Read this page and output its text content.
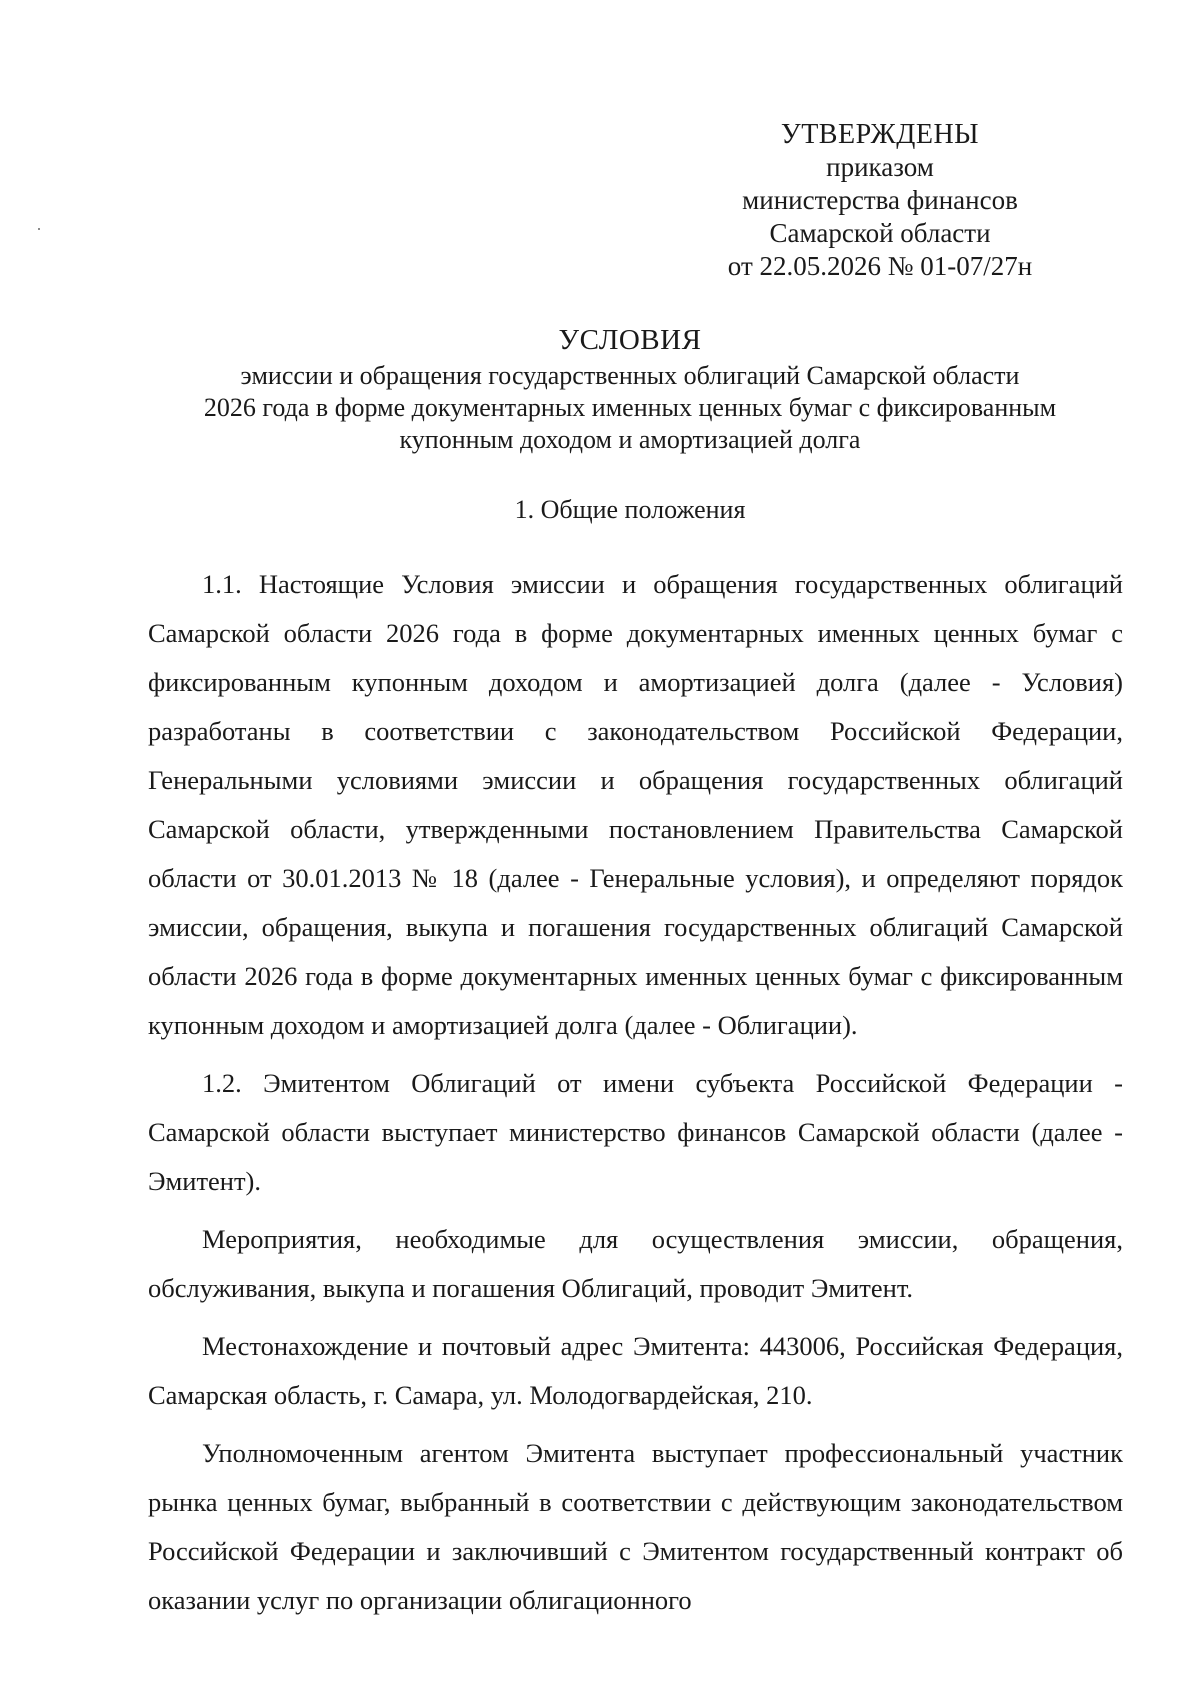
УТВЕРЖДЕНЫ
приказом
министерства финансов
Самарской области
от 22.05.2026 № 01-07/27н
УСЛОВИЯ
эмиссии и обращения государственных облигаций Самарской области
2026 года в форме документарных именных ценных бумаг с фиксированным
купонным доходом и амортизацией долга
1. Общие положения

1.1. Настоящие Условия эмиссии и обращения государственных облигаций Самарской области 2026 года в форме документарных именных ценных бумаг с фиксированным купонным доходом и амортизацией долга (далее - Условия) разработаны в соответствии с законодательством Российской Федерации, Генеральными условиями эмиссии и обращения государственных облигаций Самарской области, утвержденными постановлением Правительства Самарской области от 30.01.2013 № 18 (далее - Генеральные условия), и определяют порядок эмиссии, обращения, выкупа и погашения государственных облигаций Самарской области 2026 года в форме документарных именных ценных бумаг с фиксированным купонным доходом и амортизацией долга (далее - Облигации).

1.2. Эмитентом Облигаций от имени субъекта Российской Федерации - Самарской области выступает министерство финансов Самарской области (далее - Эмитент).

Мероприятия, необходимые для осуществления эмиссии, обращения, обслуживания, выкупа и погашения Облигаций, проводит Эмитент.

Местонахождение и почтовый адрес Эмитента: 443006, Российская Федерация, Самарская область, г. Самара, ул. Молодогвардейская, 210.

Уполномоченным агентом Эмитента выступает профессиональный участник рынка ценных бумаг, выбранный в соответствии с действующим законодательством Российской Федерации и заключивший с Эмитентом государственный контракт об оказании услуг по организации облигационного
